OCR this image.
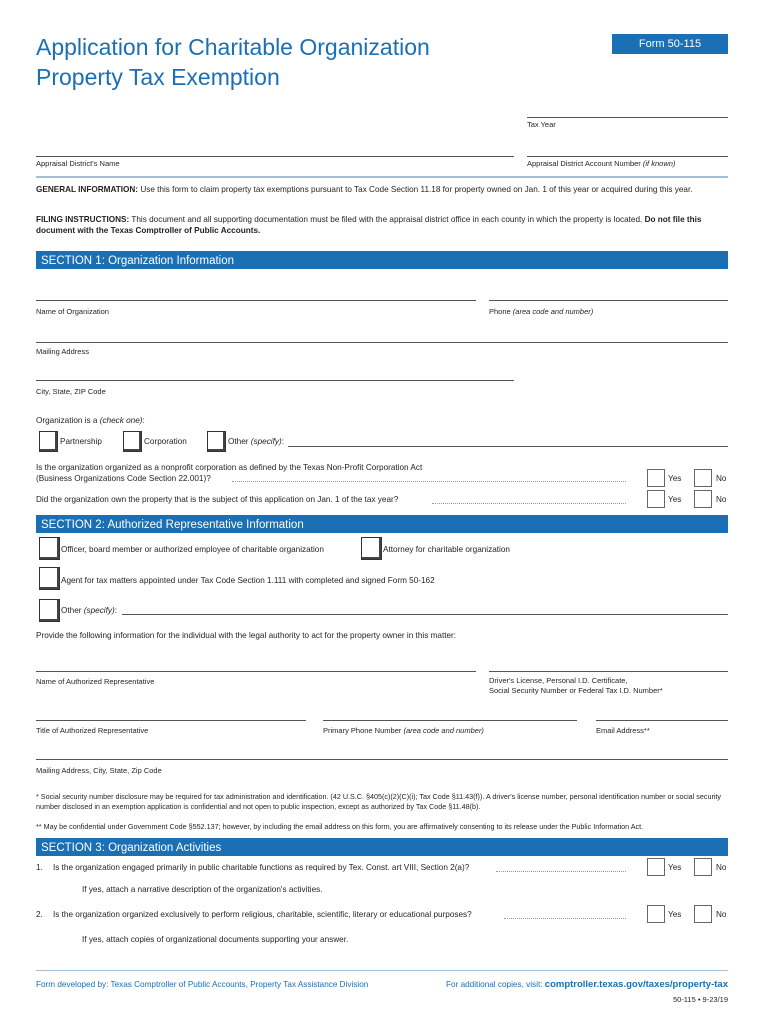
Application for Charitable Organization
Property Tax Exemption
Form 50-115
Tax Year
Appraisal District's Name	Appraisal District Account Number (if known)
GENERAL INFORMATION: Use this form to claim property tax exemptions pursuant to Tax Code Section 11.18 for property owned on Jan. 1 of this year or acquired during this year.
FILING INSTRUCTIONS: This document and all supporting documentation must be filed with the appraisal district office in each county in which the property is located. Do not file this document with the Texas Comptroller of Public Accounts.
SECTION 1: Organization Information
Name of Organization	Phone (area code and number)
Mailing Address
City, State, ZIP Code
Organization is a (check one):
Partnership	Corporation	Other (specify):
Is the organization organized as a nonprofit corporation as defined by the Texas Non-Profit Corporation Act
(Business Organizations Code Section 22.001)?	Yes	No
Did the organization own the property that is the subject of this application on Jan. 1 of the tax year?	Yes	No
SECTION 2: Authorized Representative Information
Officer, board member or authorized employee of charitable organization	Attorney for charitable organization
Agent for tax matters appointed under Tax Code Section 1.111 with completed and signed Form 50-162
Other (specify):
Provide the following information for the individual with the legal authority to act for the property owner in this matter:
Name of Authorized Representative	Driver's License, Personal I.D. Certificate,
Social Security Number or Federal Tax I.D. Number*
Title of Authorized Representative	Primary Phone Number (area code and number)	Email Address**
Mailing Address, City, State, Zip Code
* Social security number disclosure may be required for tax administration and identification. (42 U.S.C. §405(c)(2)(C)(i); Tax Code §11.43(f)). A driver's license number, personal identification number or social security number disclosed in an exemption application is confidential and not open to public inspection, except as authorized by Tax Code §11.48(b).
** May be confidential under Government Code §552.137; however, by including the email address on this form, you are affirmatively consenting to its release under the Public Information Act.
SECTION 3: Organization Activities
1. Is the organization engaged primarily in public charitable functions as required by Tex. Const. art VIII, Section 2(a)?	Yes	No
If yes, attach a narrative description of the organization's activities.
2. Is the organization organized exclusively to perform religious, charitable, scientific, literary or educational purposes?	Yes	No
If yes, attach copies of organizational documents supporting your answer.
Form developed by: Texas Comptroller of Public Accounts, Property Tax Assistance Division	For additional copies, visit: comptroller.texas.gov/taxes/property-tax
50-115 • 9-23/19
